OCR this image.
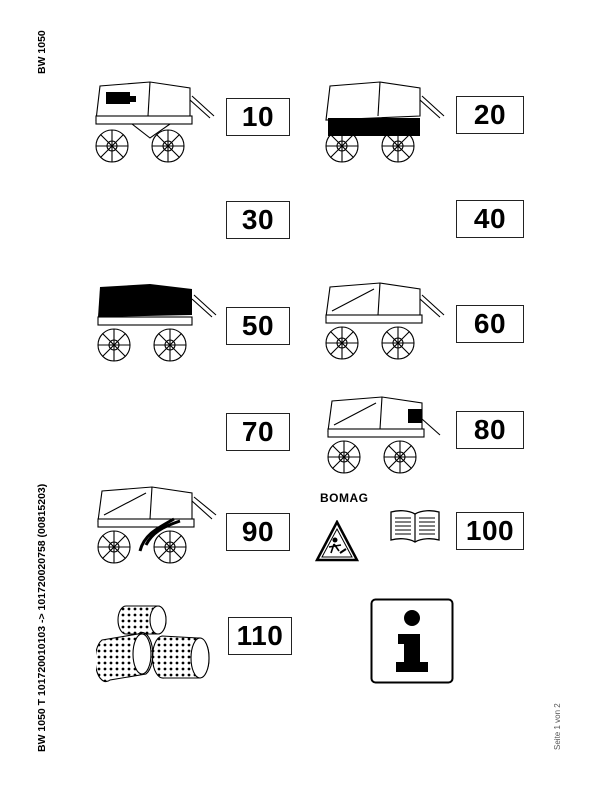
BW 1050
BW 1050 T 101720010103 -> 101720020758 (00815203)	Seite 1 von 2
10	20
30	40
50	60
70	80
90	100
110
BOMAG
